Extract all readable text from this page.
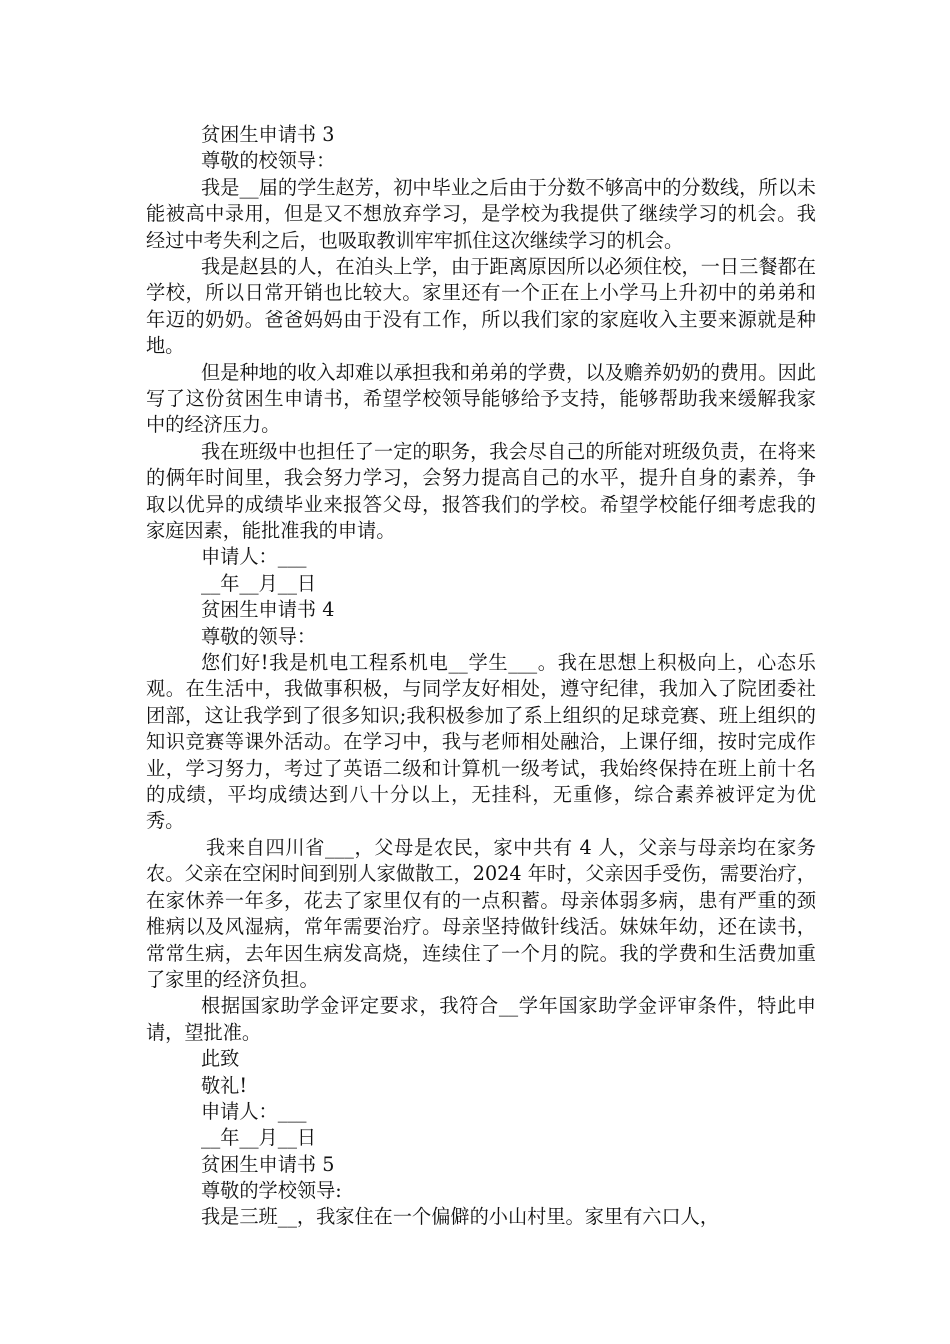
贫困生申请书 3
尊敬的校领导：
我是__届的学生赵芳，初中毕业之后由于分数不够高中的分数线，所以未能被高中录用，但是又不想放弃学习，是学校为我提供了继续学习的机会。我经过中考失利之后，也吸取教训牢牢抓住这次继续学习的机会。
我是赵县的人，在泊头上学，由于距离原因所以必须住校，一日三餐都在学校，所以日常开销也比较大。家里还有一个正在上小学马上升初中的弟弟和年迈的奶奶。爸爸妈妈由于没有工作，所以我们家的家庭收入主要来源就是种地。
但是种地的收入却难以承担我和弟弟的学费，以及赡养奶奶的费用。因此写了这份贫困生申请书，希望学校领导能够给予支持，能够帮助我来缓解我家中的经济压力。
我在班级中也担任了一定的职务，我会尽自己的所能对班级负责，在将来的俩年时间里，我会努力学习，会努力提高自己的水平，提升自身的素养，争取以优异的成绩毕业来报答父母，报答我们的学校。希望学校能仔细考虑我的家庭因素，能批准我的申请。
申请人：___
__年__月__日
贫困生申请书 4
尊敬的领导：
您们好!我是机电工程系机电__学生___。我在思想上积极向上，心态乐观。在生活中，我做事积极，与同学友好相处，遵守纪律，我加入了院团委社团部，这让我学到了很多知识;我积极参加了系上组织的足球竞赛、班上组织的知识竞赛等课外活动。在学习中，我与老师相处融洽，上课仔细，按时完成作业，学习努力，考过了英语二级和计算机一级考试，我始终保持在班上前十名的成绩，平均成绩达到八十分以上，无挂科，无重修，综合素养被评定为优秀。
我来自四川省___，父母是农民，家中共有 4 人，父亲与母亲均在家务农。父亲在空闲时间到别人家做散工，2024 年时，父亲因手受伤，需要治疗，在家休养一年多，花去了家里仅有的一点积蓄。母亲体弱多病，患有严重的颈椎病以及风湿病，常年需要治疗。母亲坚持做针线活。妹妹年幼，还在读书，常常生病，去年因生病发高烧，连续住了一个月的院。我的学费和生活费加重了家里的经济负担。
根据国家助学金评定要求，我符合__学年国家助学金评审条件，特此申请，望批准。
此致
敬礼!
申请人：___
__年__月__日
贫困生申请书 5
尊敬的学校领导:
我是三班__，我家住在一个偏僻的小山村里。家里有六口人，
